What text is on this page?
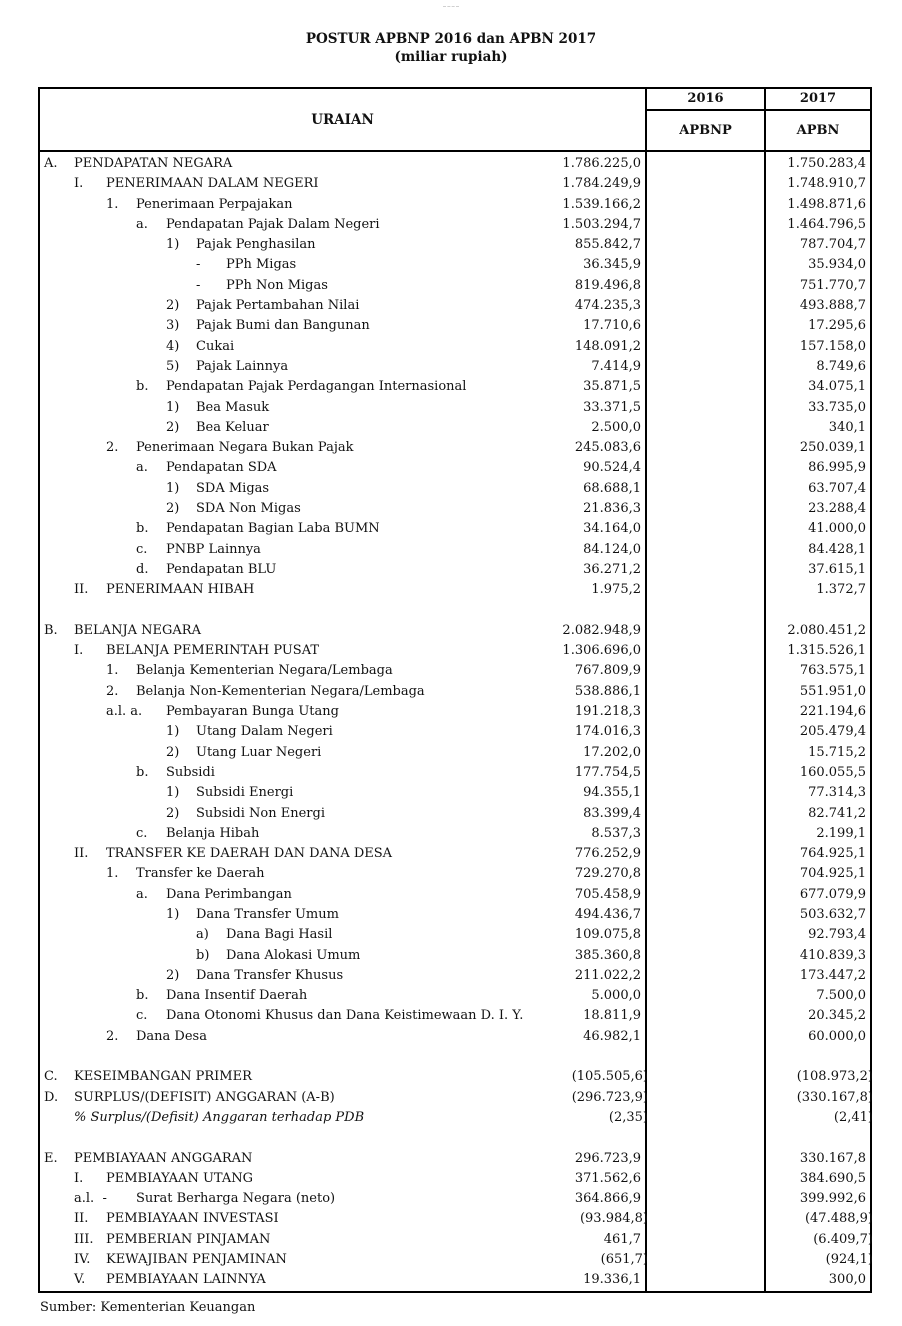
POSTUR APBNP 2016 dan APBN 2017
(miliar rupiah)
URAIAN
2016
APBNP
2017
APBN
A. PENDAPATAN NEGARA	1.786.225,0	1.750.283,4
I. PENERIMAAN DALAM NEGERI	1.784.249,9	1.748.910,7
1. Penerimaan Perpajakan	1.539.166,2	1.498.871,6
a. Pendapatan Pajak Dalam Negeri	1.503.294,7	1.464.796,5
1) Pajak Penghasilan	855.842,7	787.704,7
- PPh Migas	36.345,9	35.934,0
- PPh Non Migas	819.496,8	751.770,7
2) Pajak Pertambahan Nilai	474.235,3	493.888,7
3) Pajak Bumi dan Bangunan	17.710,6	17.295,6
4) Cukai	148.091,2	157.158,0
5) Pajak Lainnya	7.414,9	8.749,6
b. Pendapatan Pajak Perdagangan Internasional	35.871,5	34.075,1
1) Bea Masuk	33.371,5	33.735,0
2) Bea Keluar	2.500,0	340,1
2. Penerimaan Negara Bukan Pajak	245.083,6	250.039,1
a. Pendapatan SDA	90.524,4	86.995,9
1) SDA Migas	68.688,1	63.707,4
2) SDA Non Migas	21.836,3	23.288,4
b. Pendapatan Bagian Laba BUMN	34.164,0	41.000,0
c. PNBP Lainnya	84.124,0	84.428,1
d. Pendapatan BLU	36.271,2	37.615,1
II. PENERIMAAN HIBAH	1.975,2	1.372,7
B. BELANJA NEGARA	2.082.948,9	2.080.451,2
I. BELANJA PEMERINTAH PUSAT	1.306.696,0	1.315.526,1
1. Belanja Kementerian Negara/Lembaga	767.809,9	763.575,1
2. Belanja Non-Kementerian Negara/Lembaga	538.886,1	551.951,0
a.l. a. Pembayaran Bunga Utang	191.218,3	221.194,6
1) Utang Dalam Negeri	174.016,3	205.479,4
2) Utang Luar Negeri	17.202,0	15.715,2
b. Subsidi	177.754,5	160.055,5
1) Subsidi Energi	94.355,1	77.314,3
2) Subsidi Non Energi	83.399,4	82.741,2
c. Belanja Hibah	8.537,3	2.199,1
II. TRANSFER KE DAERAH DAN DANA DESA	776.252,9	764.925,1
1. Transfer ke Daerah	729.270,8	704.925,1
a. Dana Perimbangan	705.458,9	677.079,9
1) Dana Transfer Umum	494.436,7	503.632,7
a) Dana Bagi Hasil	109.075,8	92.793,4
b) Dana Alokasi Umum	385.360,8	410.839,3
2) Dana Transfer Khusus	211.022,2	173.447,2
b. Dana Insentif Daerah	5.000,0	7.500,0
c. Dana Otonomi Khusus dan Dana Keistimewaan D. I. Y.	18.811,9	20.345,2
2. Dana Desa	46.982,1	60.000,0
C. KESEIMBANGAN PRIMER	(105.505,6)	(108.973,2)
D. SURPLUS/(DEFISIT) ANGGARAN (A-B)	(296.723,9)	(330.167,8)
% Surplus/(Defisit) Anggaran terhadap PDB	(2,35)	(2,41)
E. PEMBIAYAAN ANGGARAN	296.723,9	330.167,8
I. PEMBIAYAAN UTANG	371.562,6	384.690,5
a.l.  - Surat Berharga Negara (neto)	364.866,9	399.992,6
II. PEMBIAYAAN INVESTASI	(93.984,8)	(47.488,9)
III. PEMBERIAN PINJAMAN	461,7	(6.409,7)
IV. KEWAJIBAN PENJAMINAN	(651,7)	(924,1)
V. PEMBIAYAAN LAINNYA	19.336,1	300,0
Sumber: Kementerian Keuangan
